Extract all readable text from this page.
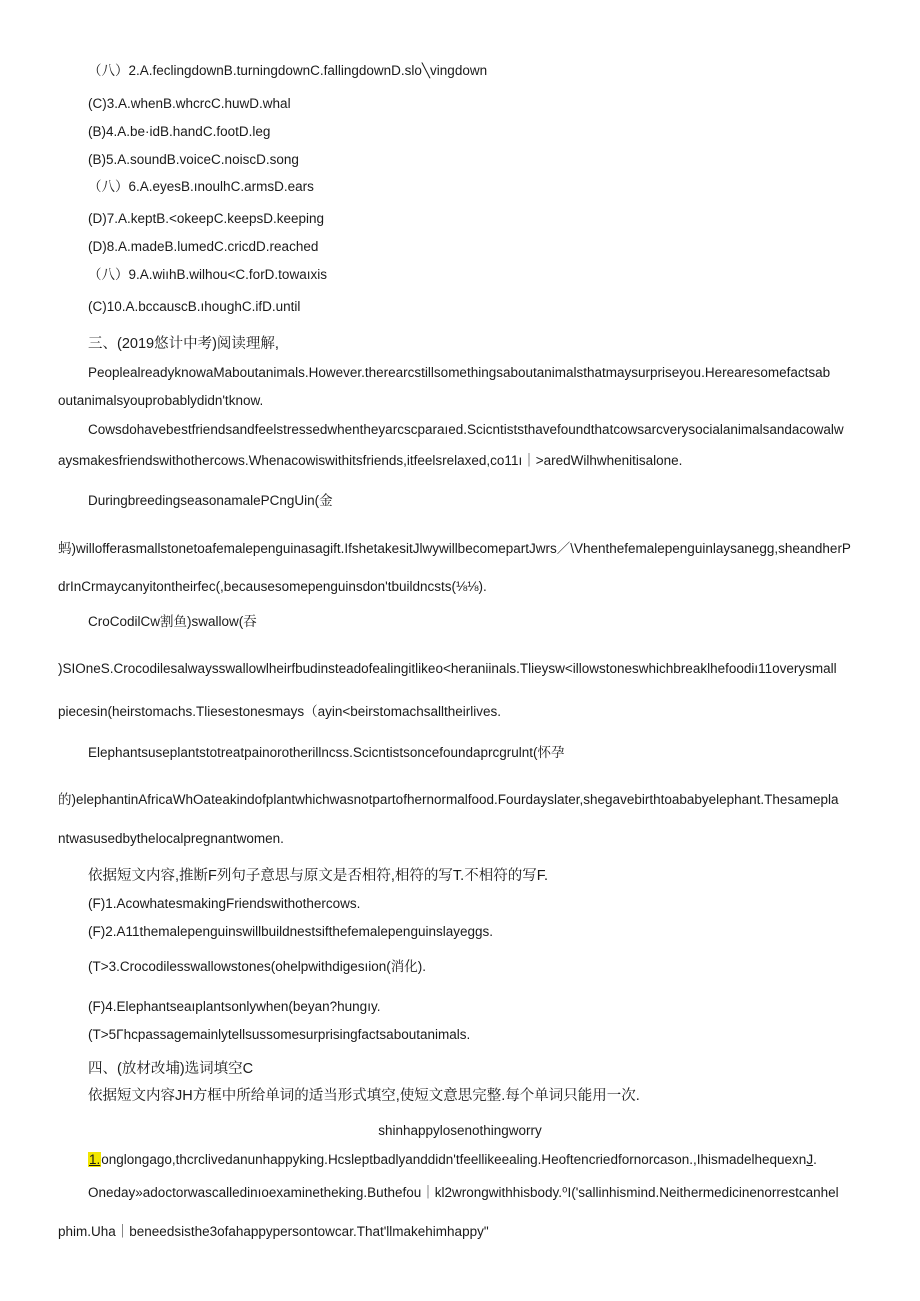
（八）2.A.feclingdownB.turningdownC.fallingdownD.slo╲vingdown
(C)3.A.whenB.whcrcC.huwD.whal
(B)4.A.be·idB.handC.footD.leg
(B)5.A.soundB.voiceC.noiscD.song
（八）6.A.eyesB.ınoulhC.armsD.ears
(D)7.A.keptB.<okeepC.keepsD.keeping
(D)8.A.madeB.lumedC.cricdD.reached
（八）9.A.wiıhB.wilhou<C.forD.towaıxis
(C)10.A.bccauscB.ıhoughC.ifD.until
三、(2019悠计中考)阅读理解,
PeoplealreadyknowaMaboutanimals.However.therearcstillsomethingsaboutanimalsthatmaysurpriseyou.Herearesomefactsab
outanimalsyouprobablydidn'tknow.
Cowsdohavebestfriendsandfeelstressedwhentheyarcscparaıed.Scicntiststhavefoundthatcowsarcverysocialanimalsandacowalw
aysmakesfriendswithothercows.Whenacowiswithitsfriends,itfeelsrelaxed,co11ı｜>aredWilhwhenitisalone.
DuringbreedingseasonamalePCngUin(金
蚂)willofferasmallstonetoafemalepenguinasagift.IfshetakesitJlwywillbecomepartJwrs／\Vhenthefemalepenguinlaysanegg,sheandherP
drInCrmaycanyitontheirfec(,becausesomepenguinsdon'tbuildncsts(⅛⅛).
CroCodilCw割鱼)swallow(吞
)SIOneS.Crocodilesalwaysswallowlheirfbudinsteadofealingitlikeo<heraniinals.Tlieysw<illowstoneswhichbreaklhefoodiı11overysmall
piecesin(heirstomachs.Tliesestonesmays（ayin<beirstomachsalltheirlives.
Elephantsuseplantstotreatpainorotherillncss.Scicntistsoncefoundaprcgrulnt(怀孕
的)elephantinAfricaWhOateakindofplantwhichwasnotpartofhernormalfood.Fourdayslater,shegavebirthtoababyelephant.Thesamepla
ntwasusedbythelocalpregnantwomen.
依据短文内容,推断F列句子意思与原文是否相符,相符的写T.不相符的写F.
(F)1.AcowhatesmakingFriendswithothercows.
(F)2.A11themalepenguinswillbuildnestsifthefemalepenguinslayeggs.
(T>3.Crocodilesswallowstones(ohelpwithdigesıion(消化).
(F)4.Elephantseaıplantsonlywhen(beyan?hungıy.
(T>5Γhcpassagemainlytellsussomesurprisingfactsaboutanimals.
四、(放材改埔)选词填空C
依据短文内容JH方框中所给单词的适当形式填空,使短文意思完整.每个单词只能用一次.
shinhappylosenothingworry
1.onglongago,thcrclivedanunhappyking.Hcsleptbadlyanddidn'tfeellikeealing.Heoftencriedfornorcason.,IhismadelhequexnJ.
Oneday»adoctorwascalledinıoexaminetheking.Buthefou｜kl2wrongwithhisbody.⁰I('sallinhismind.Neithermedicinenorrestcanhel
phim.Uha｜beneedsisthe3ofahappypersontowcar.That'llmakehimhappy"
